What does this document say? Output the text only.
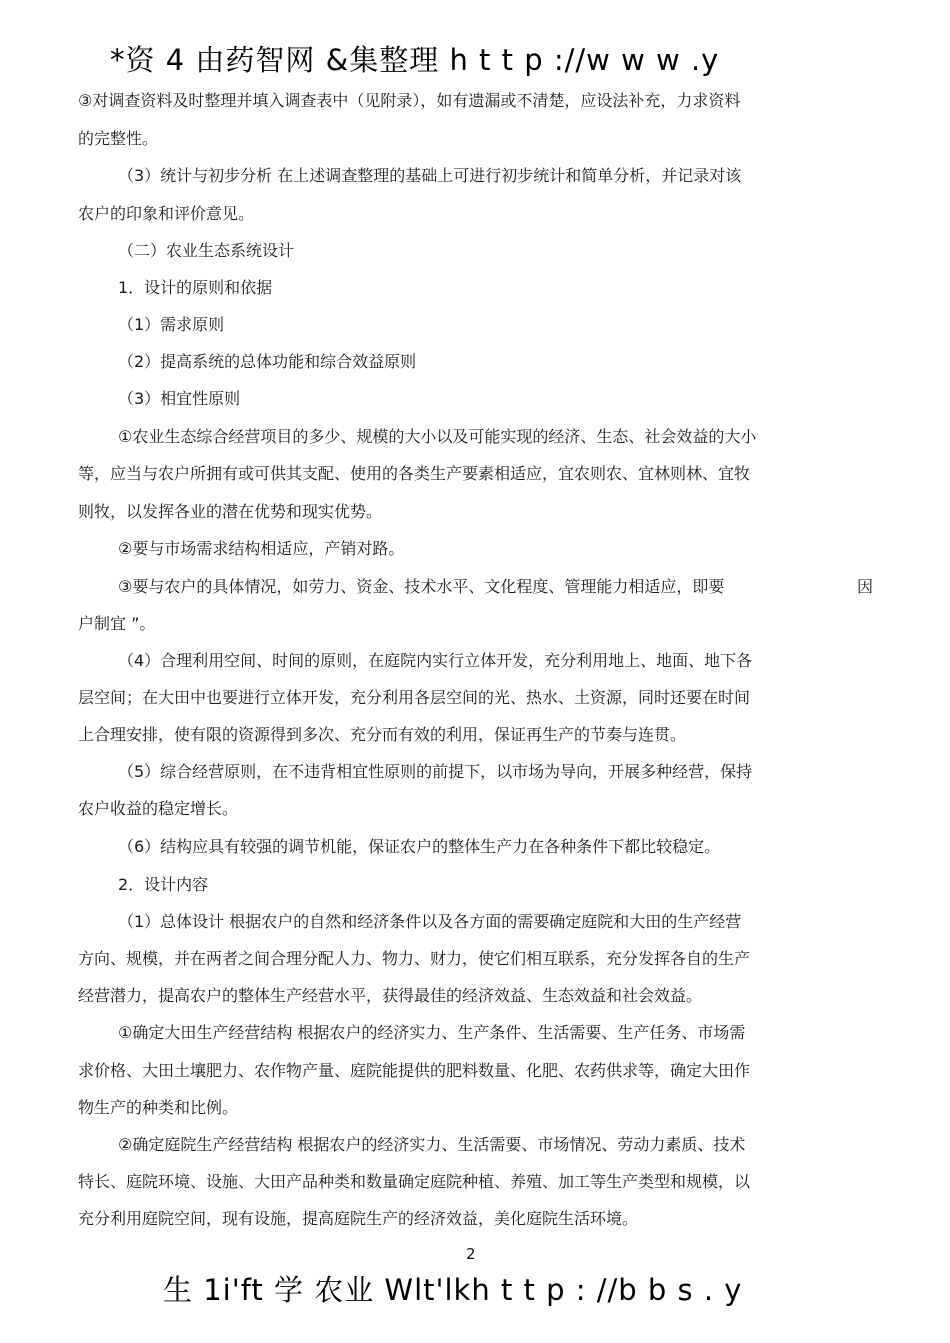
*资 4 由药智网 &集整理 h t t p ://w w w .y
③对调查资料及时整理并填入调查表中（见附录），如有遗漏或不清楚，应设法补充，力求资料
的完整性。
（3）统计与初步分析 在上述调查整理的基础上可进行初步统计和简单分析，并记录对该
农户的印象和评价意见。
（二）农业生态系统设计
1．设计的原则和依据
（1）需求原则
（2）提高系统的总体功能和综合效益原则
（3）相宜性原则
①农业生态综合经营项目的多少、规模的大小以及可能实现的经济、生态、社会效益的大小
等，应当与农户所拥有或可供其支配、使用的各类生产要素相适应，宜农则农、宜林则林、宜牧
则牧，以发挥各业的潜在优势和现实优势。
②要与市场需求结构相适应，产销对路。
③要与农户的具体情况，如劳力、资金、技术水平、文化程度、管理能力相适应，即要	因
户制宜 ”。
（4）合理利用空间、时间的原则，在庭院内实行立体开发，充分利用地上、地面、地下各
层空间；在大田中也要进行立体开发，充分利用各层空间的光、热水、土资源，同时还要在时间
上合理安排，使有限的资源得到多次、充分而有效的利用，保证再生产的节奏与连贯。
（5）综合经营原则，在不违背相宜性原则的前提下，以市场为导向，开展多种经营，保持
农户收益的稳定增长。
（6）结构应具有较强的调节机能，保证农户的整体生产力在各种条件下都比较稳定。
2．设计内容
（1）总体设计 根据农户的自然和经济条件以及各方面的需要确定庭院和大田的生产经营
方向、规模，并在两者之间合理分配人力、物力、财力，使它们相互联系，充分发挥各自的生产
经营潜力，提高农户的整体生产经营水平，获得最佳的经济效益、生态效益和社会效益。
①确定大田生产经营结构 根据农户的经济实力、生产条件、生活需要、生产任务、市场需
求价格、大田土壤肥力、农作物产量、庭院能提供的肥料数量、化肥、农药供求等，确定大田作
物生产的种类和比例。
②确定庭院生产经营结构 根据农户的经济实力、生活需要、市场情况、劳动力素质、技术
特长、庭院环境、设施、大田产品种类和数量确定庭院种植、养殖、加工等生产类型和规模，以
充分利用庭院空间，现有设施，提高庭院生产的经济效益，美化庭院生活环境。
2
生 1i'ft 学 农业 Wlt'lkh t t p : //b b s . y
